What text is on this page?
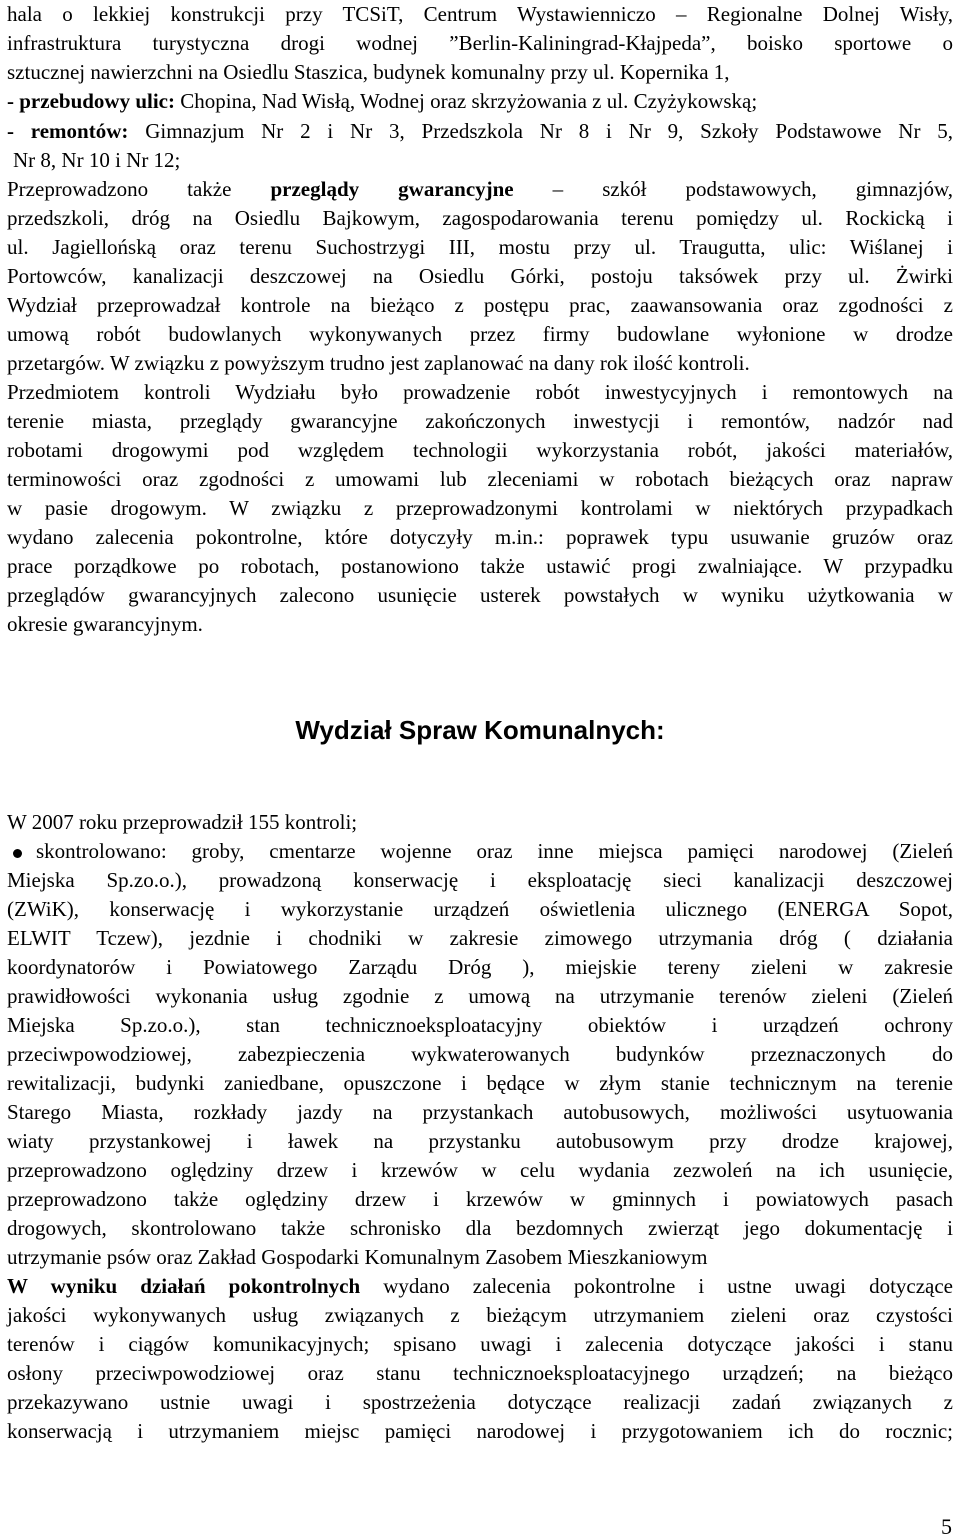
hala o lekkiej konstrukcji przy TCSiT, Centrum Wystawienniczo – Regionalne Dolnej Wisły,
infrastruktura turystyczna drogi wodnej ”Berlin-Kaliningrad-Kłajpeda”, boisko sportowe o
sztucznej nawierzchni na Osiedlu Staszica, budynek komunalny przy ul. Kopernika 1,
- przebudowy ulic: Chopina, Nad Wisłą, Wodnej oraz skrzyżowania z ul. Czyżykowską;
- remontów: Gimnazjum Nr 2 i Nr 3, Przedszkola Nr 8 i Nr 9, Szkoły Podstawowe Nr 5,
Nr 8, Nr 10 i Nr 12;
Przeprowadzono także przeglądy gwarancyjne – szkół podstawowych, gimnazjów,
przedszkoli, dróg na Osiedlu Bajkowym, zagospodarowania terenu pomiędzy ul. Rockicką i
ul. Jagiellońską oraz terenu Suchostrzygi III, mostu przy ul. Traugutta, ulic: Wiślanej i
Portowców, kanalizacji deszczowej na Osiedlu Górki, postoju taksówek przy ul. Żwirki
Wydział przeprowadzał kontrole na bieżąco z postępu prac, zaawansowania oraz zgodności z
umową robót budowlanych wykonywanych przez firmy budowlane wyłonione w drodze
przetargów. W związku z powyższym trudno jest zaplanować na dany rok ilość kontroli.
Przedmiotem kontroli Wydziału było prowadzenie robót inwestycyjnych i remontowych na
terenie miasta, przeglądy gwarancyjne zakończonych inwestycji i remontów, nadzór nad
robotami drogowymi pod względem technologii wykorzystania robót, jakości materiałów,
terminowości oraz zgodności z umowami lub zleceniami w robotach bieżących oraz napraw
w pasie drogowym. W związku z przeprowadzonymi kontrolami w niektórych przypadkach
wydano zalecenia pokontrolne, które dotyczyły m.in.: poprawek typu usuwanie gruzów oraz
prace porządkowe po robotach, postanowiono także ustawić progi zwalniające. W przypadku
przeglądów gwarancyjnych zalecono usunięcie usterek powstałych w wyniku użytkowania w
okresie gwarancyjnym.
Wydział Spraw Komunalnych:
W 2007 roku przeprowadził 155 kontroli;
skontrolowano: groby, cmentarze wojenne oraz inne miejsca pamięci narodowej (Zieleń
Miejska Sp.zo.o.), prowadzoną konserwację i eksploatację sieci kanalizacji deszczowej
(ZWiK), konserwację i wykorzystanie urządzeń oświetlenia ulicznego (ENERGA Sopot,
ELWIT Tczew), jezdnie i chodniki w zakresie zimowego utrzymania dróg ( działania
koordynatorów i Powiatowego Zarządu Dróg ), miejskie tereny zieleni w zakresie
prawidłowości wykonania usług zgodnie z umową na utrzymanie terenów zieleni (Zieleń
Miejska Sp.zo.o.), stan technicznoeksploatacyjny obiektów i urządzeń ochrony
przeciwpowodziowej, zabezpieczenia wykwaterowanych budynków przeznaczonych do
rewitalizacji, budynki zaniedbane, opuszczone i będące w złym stanie technicznym na terenie
Starego Miasta, rozkłady jazdy na przystankach autobusowych, możliwości usytuowania
wiaty przystankowej i ławek na przystanku autobusowym przy drodze krajowej,
przeprowadzono oględziny drzew i krzewów w celu wydania zezwoleń na ich usunięcie,
przeprowadzono także oględziny drzew i krzewów w gminnych i powiatowych pasach
drogowych, skontrolowano także schronisko dla bezdomnych zwierząt jego dokumentację i
utrzymanie psów oraz Zakład Gospodarki Komunalnym Zasobem Mieszkaniowym
W wyniku działań pokontrolnych wydano zalecenia pokontrolne i ustne uwagi dotyczące
jakości wykonywanych usług związanych z bieżącym utrzymaniem zieleni oraz czystości
terenów i ciągów komunikacyjnych; spisano uwagi i zalecenia dotyczące jakości i stanu
osłony przeciwpowodziowej oraz stanu technicznoeksploatacyjnego urządzeń; na bieżąco
przekazywano ustnie uwagi i spostrzeżenia dotyczące realizacji zadań związanych z
konserwacją i utrzymaniem miejsc pamięci narodowej i przygotowaniem ich do rocznic;
5
